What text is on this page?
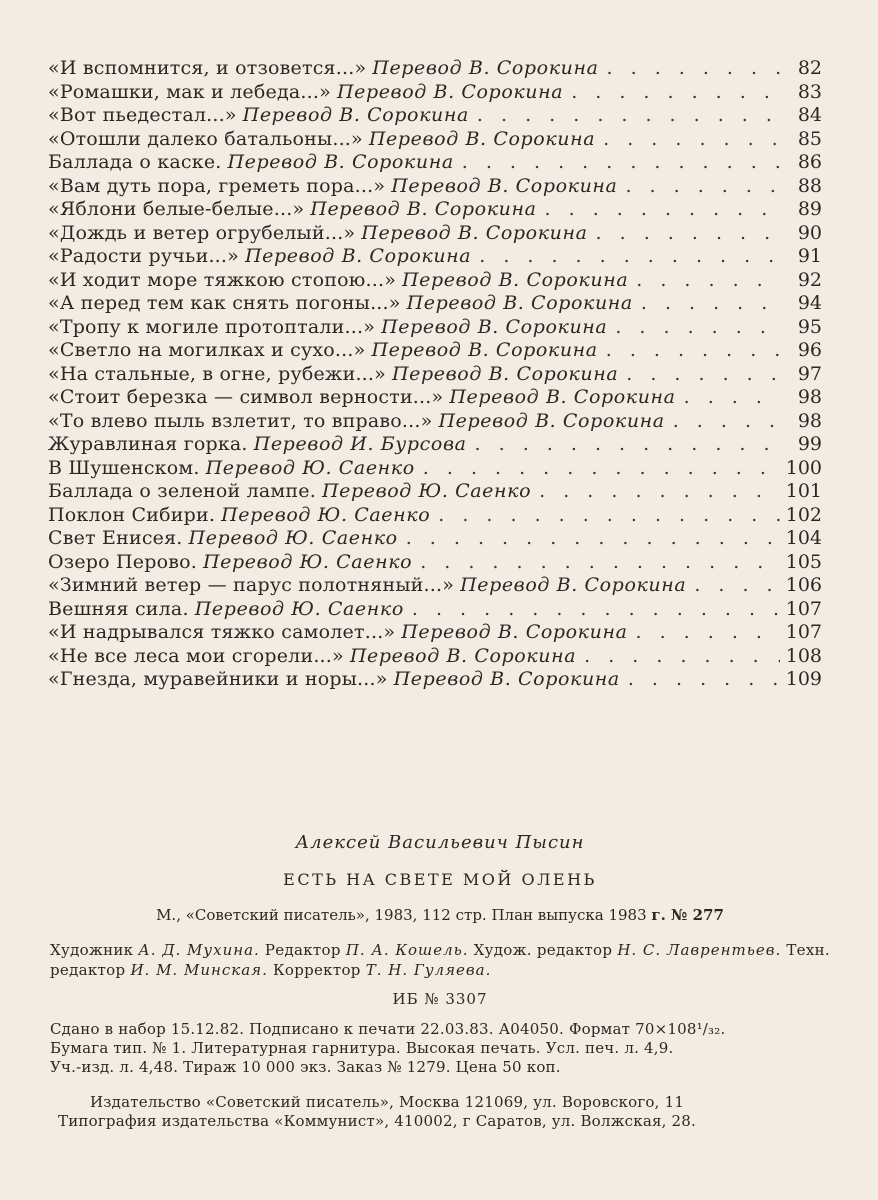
«И вспомнится, и отзовется...» Перевод В. Сорокина . . .	82
«Ромашки, мак и лебеда...» Перевод В. Сорокина . . .	83
«Вот пьедестал...» Перевод В. Сорокина . . .	84
«Отошли далеко батальоны...» Перевод В. Сорокина . . .	85
Баллада о каске. Перевод В. Сорокина . . .	86
«Вам дуть пора, греметь пора...» Перевод В. Сорокина . . .	88
«Яблони белые-белые...» Перевод В. Сорокина . . .	89
«Дождь и ветер огрубелый...» Перевод В. Сорокина . . .	90
«Радости ручьи...» Перевод В. Сорокина . . .	91
«И ходит море тяжкою стопою...» Перевод В. Сорокина . . .	92
«А перед тем как снять погоны...» Перевод В. Сорокина . . .	94
«Тропу к могиле протоптали...» Перевод В. Сорокина . . .	95
«Светло на могилках и сухо...» Перевод В. Сорокина . . .	96
«На стальные, в огне, рубежи...» Перевод В. Сорокина . . .	97
«Стоит березка — символ верности...» Перевод В. Сорокина . . .	98
«То влево пыль взлетит, то вправо...» Перевод В. Сорокина . . .	98
Журавлиная горка. Перевод И. Бурсова . . .	99
В Шушенском. Перевод Ю. Саенко . . .	100
Баллада о зеленой лампе. Перевод Ю. Саенко . . .	101
Поклон Сибири. Перевод Ю. Саенко . . .	102
Свет Енисея. Перевод Ю. Саенко . . .	104
Озеро Перово. Перевод Ю. Саенко . . .	105
«Зимний ветер — парус полотняный...» Перевод В. Сорокина . . .	106
Вешняя сила. Перевод Ю. Саенко . . .	107
«И надрывался тяжко самолет...» Перевод В. Сорокина . . .	107
«Не все леса мои сгорели...» Перевод В. Сорокина . . .	108
«Гнезда, муравейники и норы...» Перевод В. Сорокина . . .	109
Алексей Васильевич Пысин
ЕСТЬ НА СВЕТЕ МОЙ ОЛЕНЬ
М., «Советский писатель», 1983, 112 стр. План выпуска 1983 г. № 277
Художник А. Д. Мухина. Редактор П. А. Кошель. Худож. редактор Н. С. Лаврентьев. Техн. редактор И. М. Минская. Корректор Т. Н. Гуляева.
ИБ № 3307
Сдано в набор 15.12.82. Подписано к печати 22.03.83. А04050. Формат 70×108¹/₃₂.
Бумага тип. № 1. Литературная гарнитура. Высокая печать. Усл. печ. л. 4,9.
Уч.-изд. л. 4,48. Тираж 10 000 экз. Заказ № 1279. Цена 50 коп.
Издательство «Советский писатель», Москва 121069, ул. Воровского, 11
Типография издательства «Коммунист», 410002, г Саратов, ул. Волжская, 28.
